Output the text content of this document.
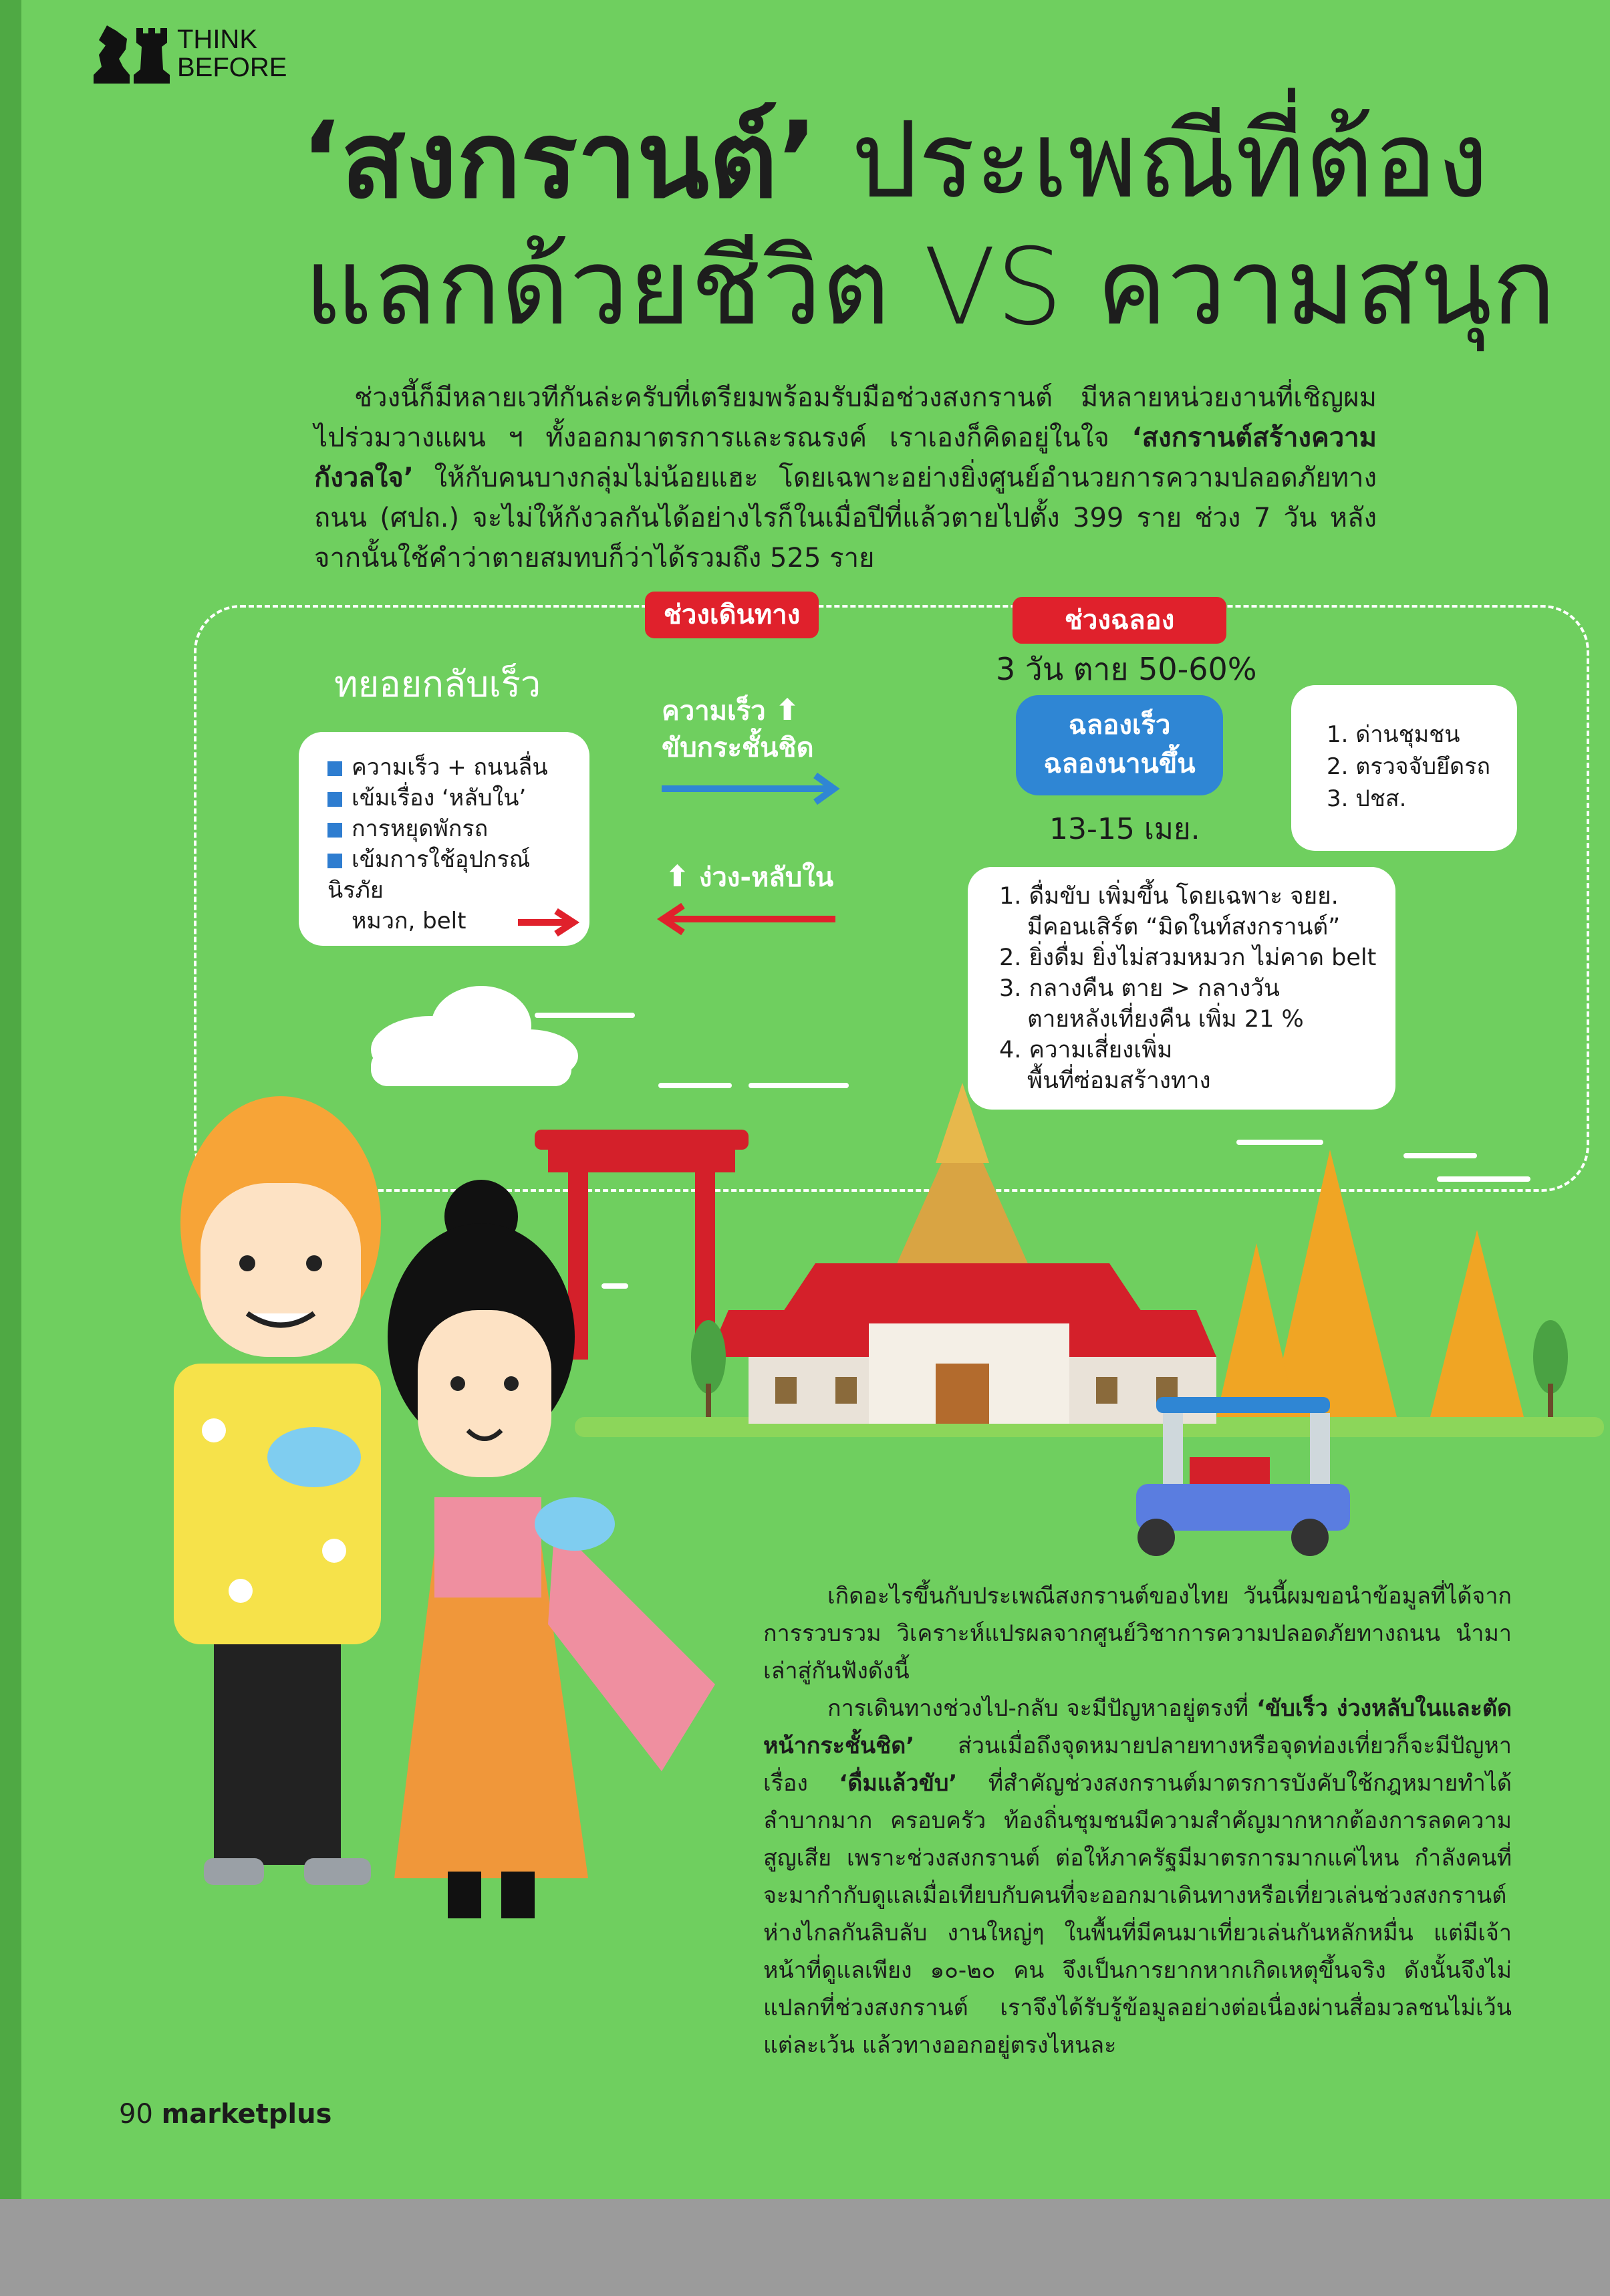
THINK
BEFORE
‘สงกรานต์’ ประเพณีที่ต้อง
แลกด้วยชีวิต VS ความสนุก
ช่วงนี้ก็มีหลายเวทีกันล่ะครับที่เตรียมพร้อมรับมือช่วงสงกรานต์ มีหลายหน่วยงานที่เชิญผมไปร่วมวางแผน ฯ ทั้งออกมาตรการและรณรงค์ เราเองก็คิดอยู่ในใจ ‘สงกรานต์สร้างความกังวลใจ’ ให้กับคนบางกลุ่มไม่น้อยแฮะ โดยเฉพาะอย่างยิ่งศูนย์อำนวยการความปลอดภัยทางถนน (ศปถ.) จะไม่ให้กังวลกันได้อย่างไรก็ในเมื่อปีที่แล้วตายไปตั้ง 399 ราย ช่วง 7 วัน หลังจากนั้นใช้คำว่าตายสมทบก็ว่าได้รวมถึง 525 ราย
ช่วงเดินทาง	ช่วงฉลอง
ทยอยกลับเร็ว
ความเร็ว + ถนนลื่น
เข้มเรื่อง ‘หลับใน’
การหยุดพักรถ
เข้มการใช้อุปกรณ์นิรภัย
หมวก, belt
ความเร็ว ⬆
ขับกระชั้นชิด
⬆ ง่วง-หลับใน
3 วัน ตาย 50-60%
ฉลองเร็ว
ฉลองนานขึ้น
13-15 เมย.
1. ด่านชุมชน
2. ตรวจจับยึดรถ
3. ปชส.
1. ดื่มขับ เพิ่มขึ้น โดยเฉพาะ จยย.
มีคอนเสิร์ต “มิดในท์สงกรานต์”
2. ยิ่งดื่ม ยิ่งไม่สวมหมวก ไม่คาด belt
3. กลางคืน ตาย > กลางวัน
ตายหลังเที่ยงคืน เพิ่ม 21 %
4. ความเสี่ยงเพิ่ม
พื้นที่ซ่อมสร้างทาง
เกิดอะไรขึ้นกับประเพณีสงกรานต์ของไทย วันนี้ผมขอนำข้อมูลที่ได้จากการรวบรวม วิเคราะห์แปรผลจากศูนย์วิชาการความปลอดภัยทางถนน นำมาเล่าสู่กันฟังดังนี้
การเดินทางช่วงไป-กลับ จะมีปัญหาอยู่ตรงที่ ‘ขับเร็ว ง่วงหลับในและตัดหน้ากระชั้นชิด’ ส่วนเมื่อถึงจุดหมายปลายทางหรือจุดท่องเที่ยวก็จะมีปัญหาเรื่อง ‘ดื่มแล้วขับ’ ที่สำคัญช่วงสงกรานต์มาตรการบังคับใช้กฎหมายทำได้ลำบากมาก ครอบครัว ท้องถิ่นชุมชนมีความสำคัญมากหากต้องการลดความสูญเสีย เพราะช่วงสงกรานต์ ต่อให้ภาครัฐมีมาตรการมากแค่ไหน กำลังคนที่จะมากำกับดูแลเมื่อเทียบกับคนที่จะออกมาเดินทางหรือเที่ยวเล่นช่วงสงกรานต์ห่างไกลกันลิบลับ งานใหญ่ๆ ในพื้นที่มีคนมาเที่ยวเล่นกันหลักหมื่น แต่มีเจ้าหน้าที่ดูแลเพียง ๑๐-๒๐ คน จึงเป็นการยากหากเกิดเหตุขึ้นจริง ดังนั้นจึงไม่แปลกที่ช่วงสงกรานต์ เราจึงได้รับรู้ข้อมูลอย่างต่อเนื่องผ่านสื่อมวลชนไม่เว้นแต่ละเว้น แล้วทางออกอยู่ตรงไหนละ
90 marketplus
